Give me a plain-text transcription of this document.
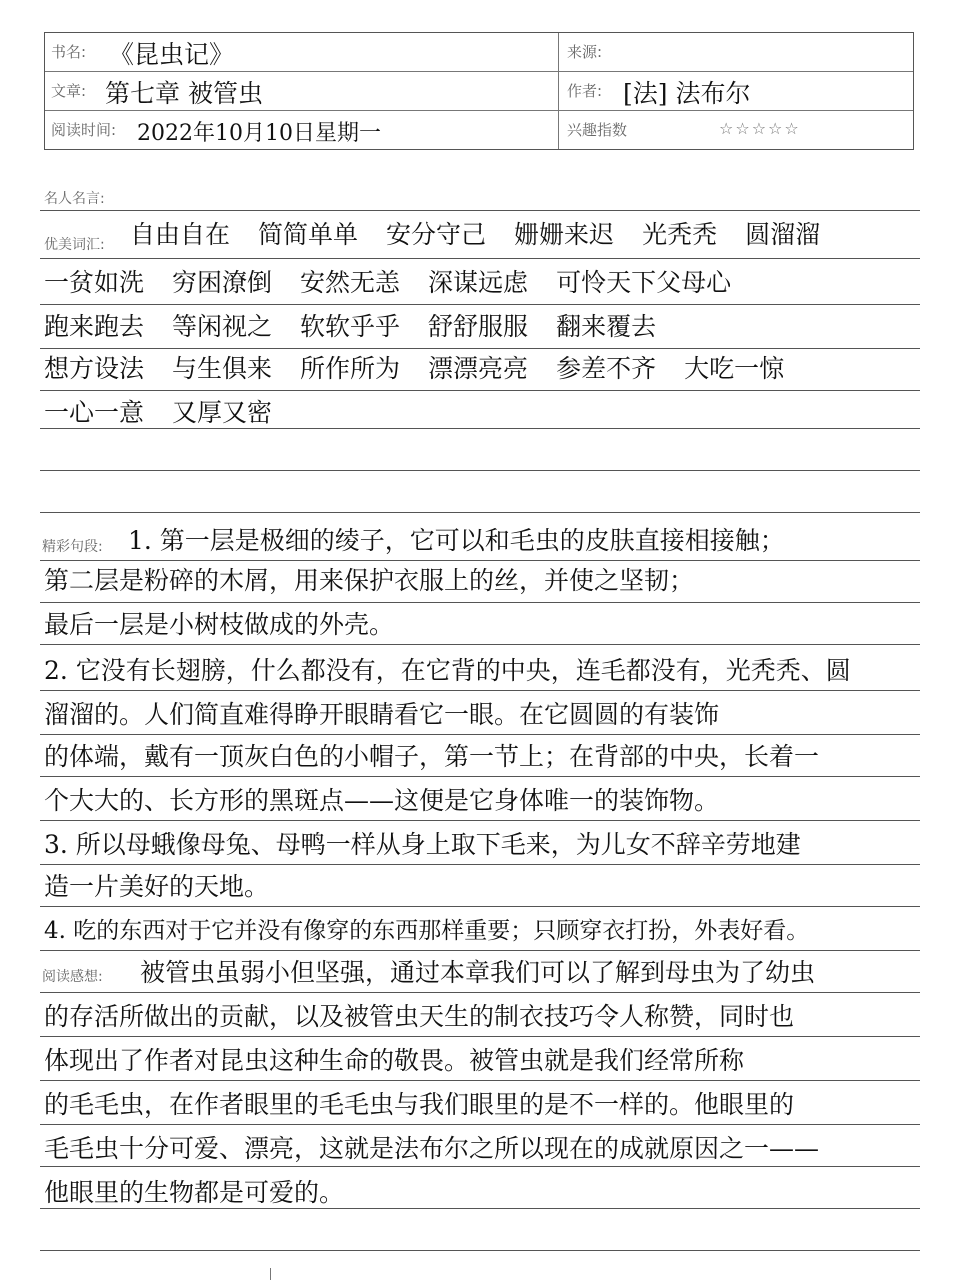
书名: 《昆虫记》	来源:
文章: 第七章 被管虫	作者: [法] 法布尔
阅读时间: 2022年10月10日星期一	兴趣指数	☆☆☆☆☆
名人名言:
优美词汇: 自由自在 简简单单 安分守己 姗姗来迟 光秃秃 圆溜溜
一贫如洗 穷困潦倒 安然无恙 深谋远虑 可怜天下父母心
跑来跑去 等闲视之 软软乎乎 舒舒服服 翻来覆去
想方设法 与生俱来 所作所为 漂漂亮亮 参差不齐 大吃一惊
一心一意 又厚又密
精彩句段: 1. 第一层是极细的绫子，它可以和毛虫的皮肤直接相接触；
第二层是粉碎的木屑，用来保护衣服上的丝，并使之坚韧；
最后一层是小树枝做成的外壳。
2. 它没有长翅膀，什么都没有，在它背的中央，连毛都没有，光秃秃、圆
溜溜的。人们简直难得睁开眼睛看它一眼。在它圆圆的有装饰
的体端，戴有一顶灰白色的小帽子，第一节上；在背部的中央，长着一
个大大的、长方形的黑斑点——这便是它身体唯一的装饰物。
3. 所以母蛾像母兔、母鸭一样从身上取下毛来，为儿女不辞辛劳地建
造一片美好的天地。
4. 吃的东西对于它并没有像穿的东西那样重要；只顾穿衣打扮，外表好看。
阅读感想: 被管虫虽弱小但坚强，通过本章我们可以了解到母虫为了幼虫
的存活所做出的贡献，以及被管虫天生的制衣技巧令人称赞，同时也
体现出了作者对昆虫这种生命的敬畏。被管虫就是我们经常所称
的毛毛虫，在作者眼里的毛毛虫与我们眼里的是不一样的。他眼里的
毛毛虫十分可爱、漂亮，这就是法布尔之所以现在的成就原因之一——
他眼里的生物都是可爱的。
